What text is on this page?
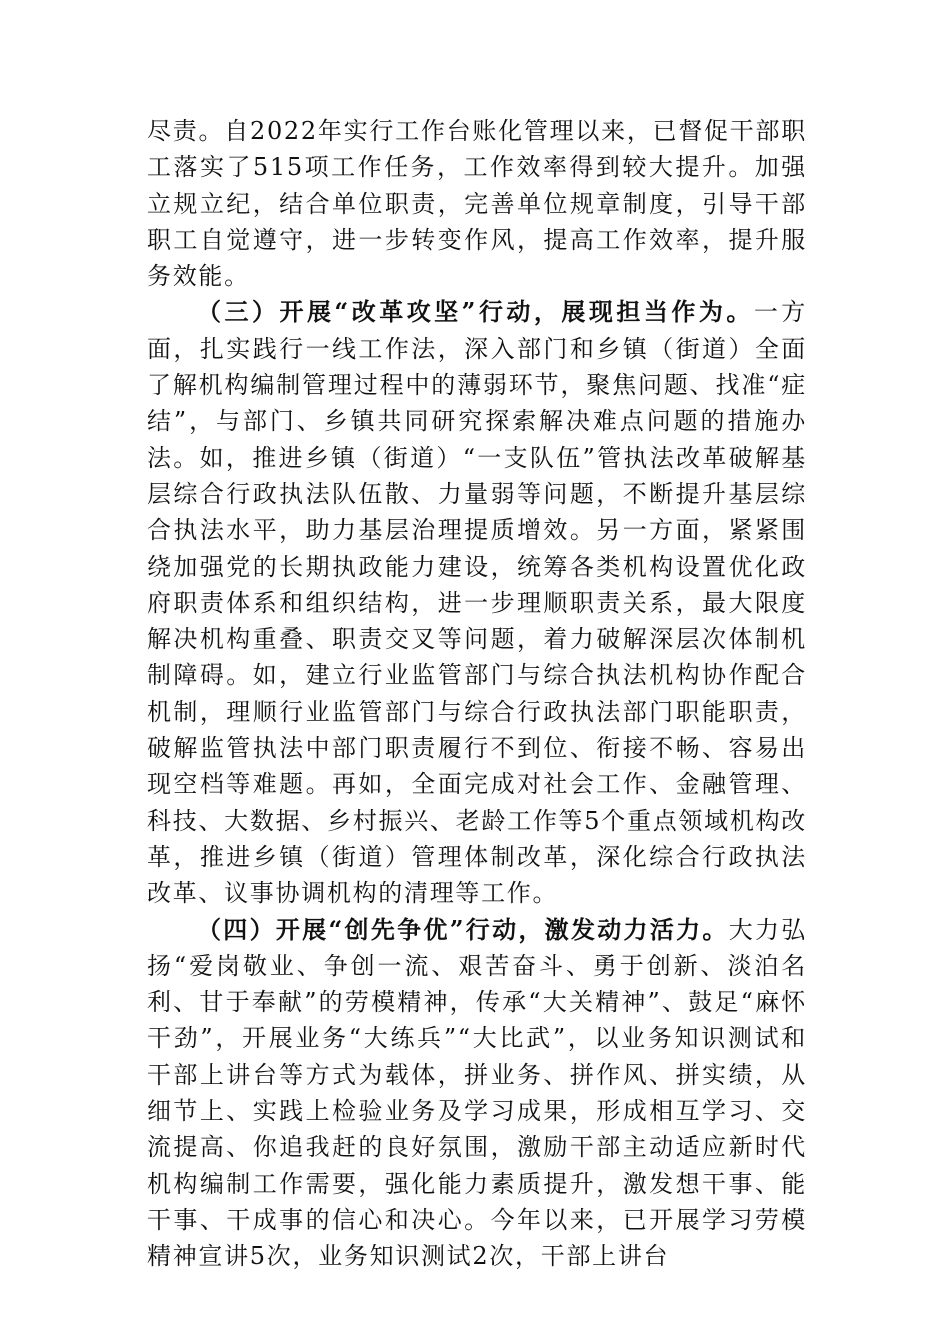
尽责。自2022年实行工作台账化管理以来，已督促干部职工落实了515项工作任务，工作效率得到较大提升。加强立规立纪，结合单位职责，完善单位规章制度，引导干部职工自觉遵守，进一步转变作风，提高工作效率，提升服务效能。

（三）开展“改革攻坚”行动，展现担当作为。一方面，扎实践行一线工作法，深入部门和乡镇（街道）全面了解机构编制管理过程中的薄弱环节，聚焦问题、找准“症结”，与部门、乡镇共同研究探索解决难点问题的措施办法。如，推进乡镇（街道）“一支队伍”管执法改革破解基层综合行政执法队伍散、力量弱等问题，不断提升基层综合执法水平，助力基层治理提质增效。另一方面，紧紧围绕加强党的长期执政能力建设，统筹各类机构设置优化政府职责体系和组织结构，进一步理顺职责关系，最大限度解决机构重叠、职责交叉等问题，着力破解深层次体制机制障碍。如，建立行业监管部门与综合执法机构协作配合机制，理顺行业监管部门与综合行政执法部门职能职责，破解监管执法中部门职责履行不到位、衔接不畅、容易出现空档等难题。再如，全面完成对社会工作、金融管理、科技、大数据、乡村振兴、老龄工作等5个重点领域机构改革，推进乡镇（街道）管理体制改革，深化综合行政执法改革、议事协调机构的清理等工作。

（四）开展“创先争优”行动，激发动力活力。大力弘扬“爱岗敬业、争创一流、艰苦奋斗、勇于创新、淡泊名利、甘于奉献”的劳模精神，传承“大关精神”、鼓足“麻怀干劲”，开展业务“大练兵”“大比武”，以业务知识测试和干部上讲台等方式为载体，拼业务、拼作风、拼实绩，从细节上、实践上检验业务及学习成果，形成相互学习、交流提高、你追我赶的良好氛围，激励干部主动适应新时代机构编制工作需要，强化能力素质提升，激发想干事、能干事、干成事的信心和决心。今年以来，已开展学习劳模精神宣讲5次，业务知识测试2次，干部上讲台
